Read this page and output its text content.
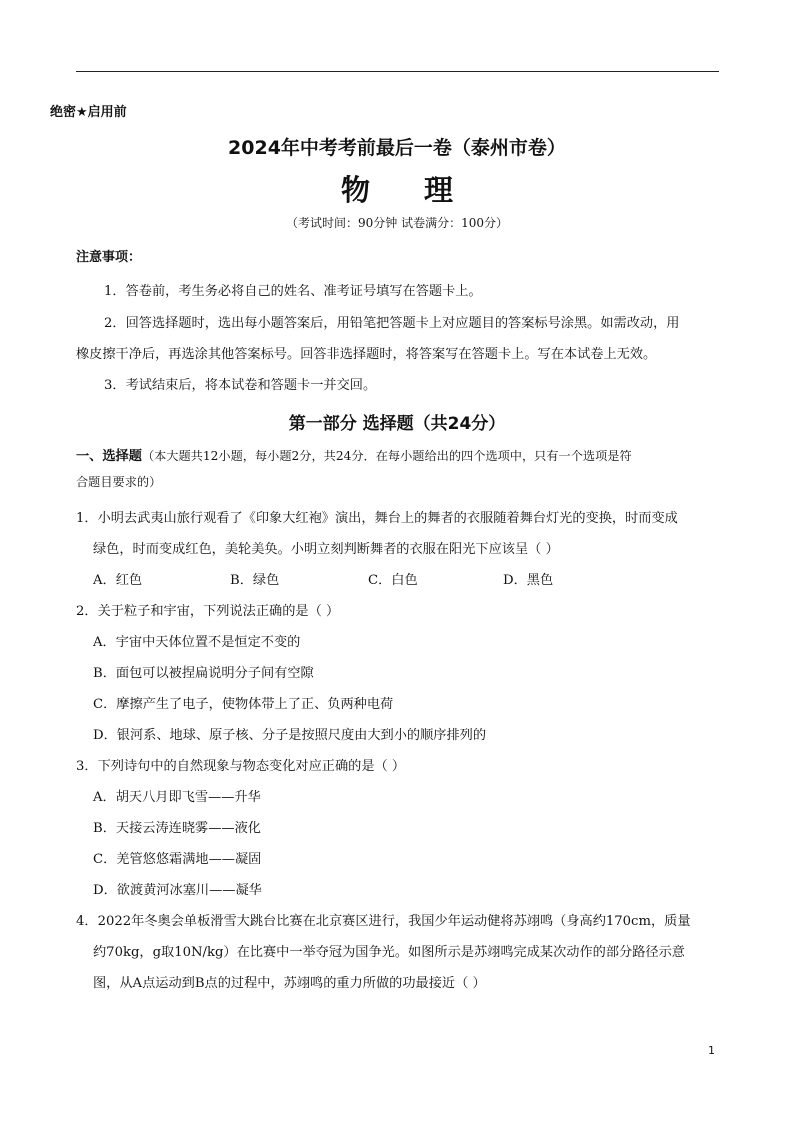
绝密★启用前
2024年中考考前最后一卷（泰州市卷）
物 理
（考试时间：90分钟 试卷满分：100分）
注意事项：
1．答卷前，考生务必将自己的姓名、准考证号填写在答题卡上。
2．回答选择题时，选出每小题答案后，用铅笔把答题卡上对应题目的答案标号涂黑。如需改动，用
橡皮擦干净后，再选涂其他答案标号。回答非选择题时，将答案写在答题卡上。写在本试卷上无效。
3．考试结束后，将本试卷和答题卡一并交回。
第一部分 选择题（共24分）
一、选择题（本大题共12小题，每小题2分，共24分．在每小题给出的四个选项中，只有一个选项是符
合题目要求的）
1．小明去武夷山旅行观看了《印象大红袍》演出，舞台上的舞者的衣服随着舞台灯光的变换，时而变成
绿色，时而变成红色，美轮美奂。小明立刻判断舞者的衣服在阳光下应该呈（ ）
A．红色	B．绿色	C．白色	D．黑色
2．关于粒子和宇宙，下列说法正确的是（ ）
A．宇宙中天体位置不是恒定不变的
B．面包可以被捏扁说明分子间有空隙
C．摩擦产生了电子，使物体带上了正、负两种电荷
D．银河系、地球、原子核、分子是按照尺度由大到小的顺序排列的
3．下列诗句中的自然现象与物态变化对应正确的是（ ）
A．胡天八月即飞雪——升华
B．天接云涛连晓雾——液化
C．羌管悠悠霜满地——凝固
D．欲渡黄河冰塞川——凝华
4．2022年冬奥会单板滑雪大跳台比赛在北京赛区进行，我国少年运动健将苏翊鸣（身高约170cm，质量
约70kg，g取10N/kg）在比赛中一举夺冠为国争光。如图所示是苏翊鸣完成某次动作的部分路径示意
图，从A点运动到B点的过程中，苏翊鸣的重力所做的功最接近（ ）
1
